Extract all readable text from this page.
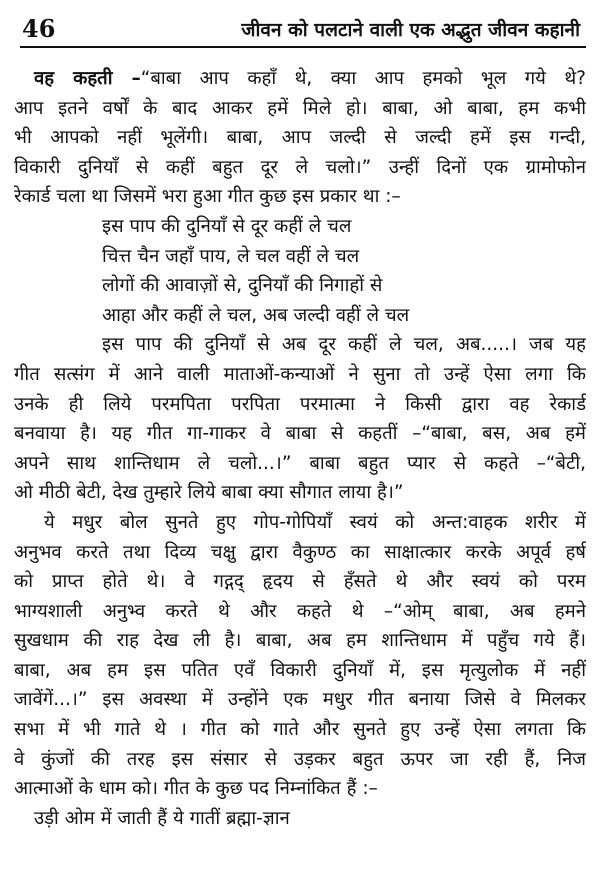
46	जीवन को पलटाने वाली एक अद्भुत जीवन कहानी
वह कहती –“बाबा आप कहाँ थे, क्या आप हमको भूल गये थे?
आप इतने वर्षों के बाद आकर हमें मिले हो। बाबा, ओ बाबा, हम कभी
भी आपको नहीं भूलेंगी। बाबा, आप जल्दी से जल्दी हमें इस गन्दी,
विकारी दुनियाँ से कहीं बहुत दूर ले चलो।” उन्हीं दिनों एक ग्रामोफोन
रेकार्ड चला था जिसमें भरा हुआ गीत कुछ इस प्रकार था :–
इस पाप की दुनियाँ से दूर कहीं ले चल
चित्त चैन जहाँ पाय, ले चल वहीं ले चल
लोगों की आवाज़ों से, दुनियाँ की निगाहों से
आहा और कहीं ले चल, अब जल्दी वहीं ले चल
इस पाप की दुनियाँ से अब दूर कहीं ले चल, अब.....। जब यह
गीत सत्संग में आने वाली माताओं-कन्याओं ने सुना तो उन्हें ऐसा लगा कि
उनके ही लिये परमपिता परपिता परमात्मा ने किसी द्वारा वह रेकार्ड
बनवाया है। यह गीत गा-गाकर वे बाबा से कहतीं –“बाबा, बस, अब हमें
अपने साथ शान्तिधाम ले चलो...।” बाबा बहुत प्यार से कहते –“बेटी,
ओ मीठी बेटी, देख तुम्हारे लिये बाबा क्या सौगात लाया है।”
ये मधुर बोल सुनते हुए गोप-गोपियाँ स्वयं को अन्त:वाहक शरीर में
अनुभव करते तथा दिव्य चक्षु द्वारा वैकुण्ठ का साक्षात्कार करके अपूर्व हर्ष
को प्राप्त होते थे। वे गद्गद् हृदय से हँसते थे और स्वयं को परम
भाग्यशाली अनुभ्व करते थे और कहते थे –“ओम् बाबा, अब हमने
सुखधाम की राह देख ली है। बाबा, अब हम शान्तिधाम में पहुँच गये हैं।
बाबा, अब हम इस पतित एवँ विकारी दुनियाँ में, इस मृत्युलोक में नहीं
जावेंगें...।” इस अवस्था में उन्होंने एक मधुर गीत बनाया जिसे वे मिलकर
सभा में भी गाते थे । गीत को गाते और सुनते हुए उन्हें ऐसा लगता कि
वे कुंजों की तरह इस संसार से उड़कर बहुत ऊपर जा रही हैं, निज
आत्माओं के धाम को। गीत के कुछ पद निम्नांकित हैं :–
उड़ी ओम में जाती हैं ये गातीं ब्रह्मा-ज्ञान
